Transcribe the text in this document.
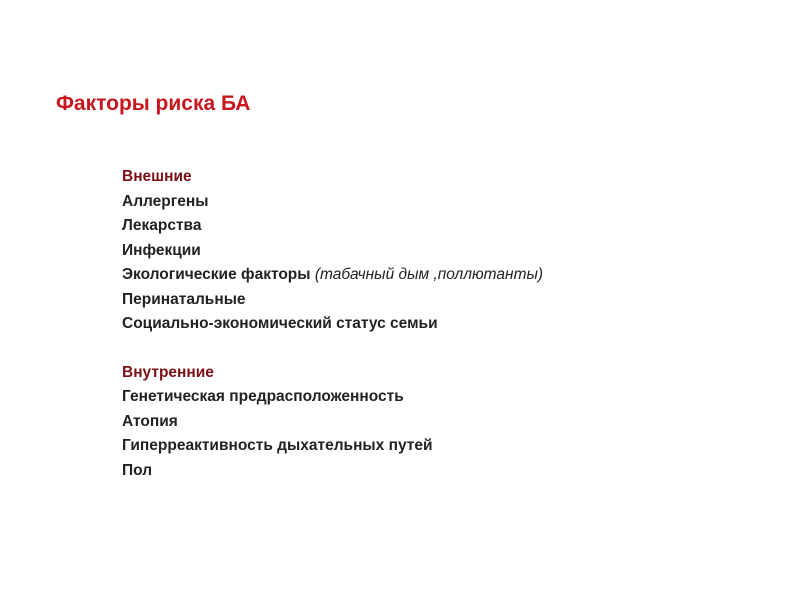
Факторы риска БА
Внешние
Аллергены
Лекарства
Инфекции
Экологические факторы (табачный дым ,поллютанты)
Перинатальные
Социально-экономический статус семьи
Внутренние
Генетическая предрасположенность
Атопия
Гиперреактивность дыхательных путей
Пол
